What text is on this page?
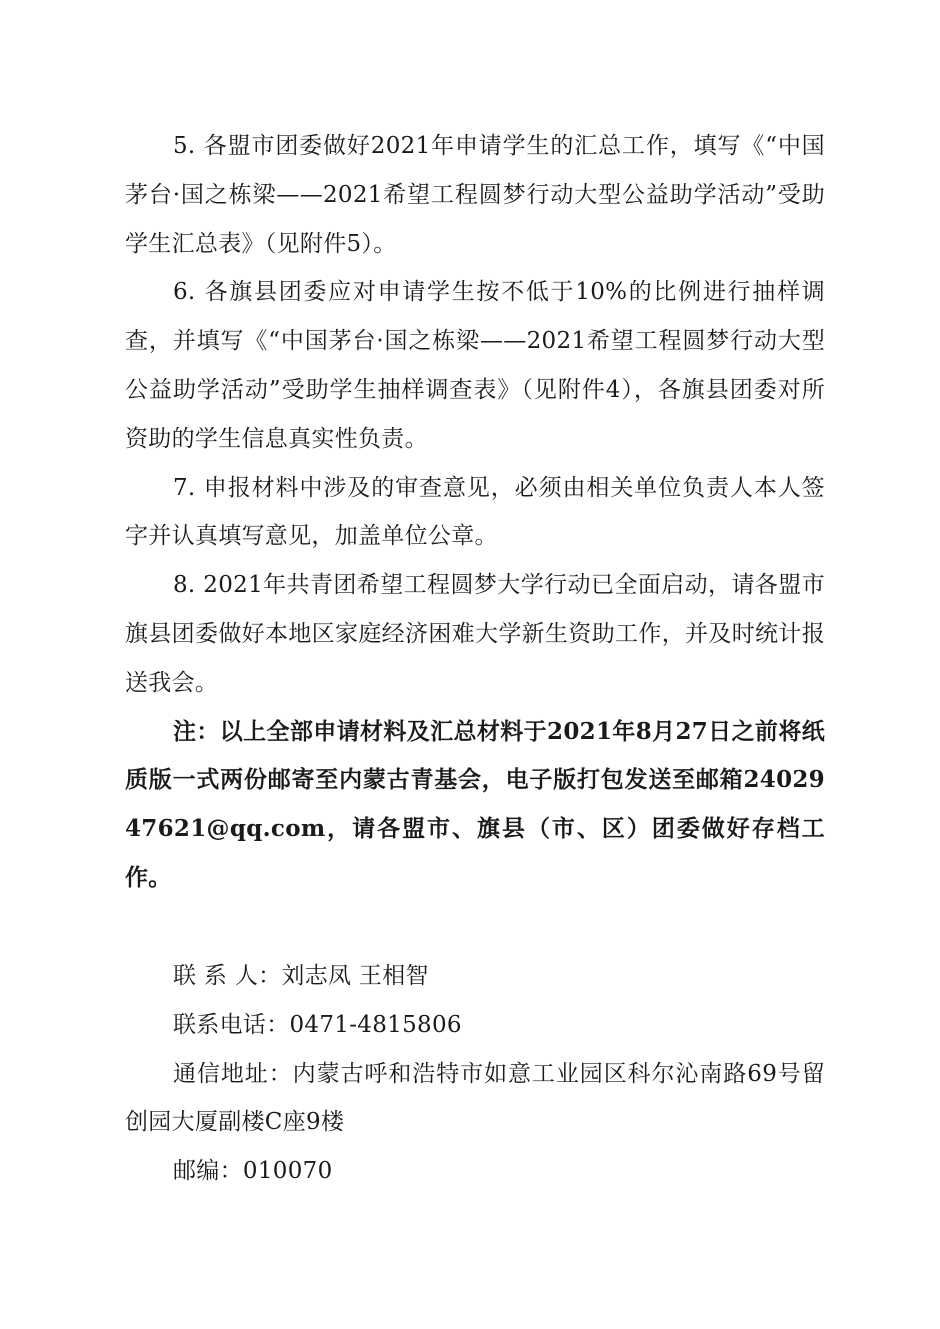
5. 各盟市团委做好2021年申请学生的汇总工作，填写《“中国茅台·国之栋梁——2021希望工程圆梦行动大型公益助学活动”受助学生汇总表》（见附件5）。

6. 各旗县团委应对申请学生按不低于10%的比例进行抽样调查，并填写《“中国茅台·国之栋梁——2021希望工程圆梦行动大型公益助学活动”受助学生抽样调查表》（见附件4），各旗县团委对所资助的学生信息真实性负责。

7. 申报材料中涉及的审查意见，必须由相关单位负责人本人签字并认真填写意见，加盖单位公章。

8. 2021年共青团希望工程圆梦大学行动已全面启动，请各盟市旗县团委做好本地区家庭经济困难大学新生资助工作，并及时统计报送我会。

注：以上全部申请材料及汇总材料于2021年8月27日之前将纸质版一式两份邮寄至内蒙古青基会，电子版打包发送至邮箱2402947621@qq.com，请各盟市、旗县（市、区）团委做好存档工作。

联 系 人：刘志凤 王相智

联系电话：0471-4815806

通信地址：内蒙古呼和浩特市如意工业园区科尔沁南路69号留创园大厦副楼C座9楼

邮编：010070
